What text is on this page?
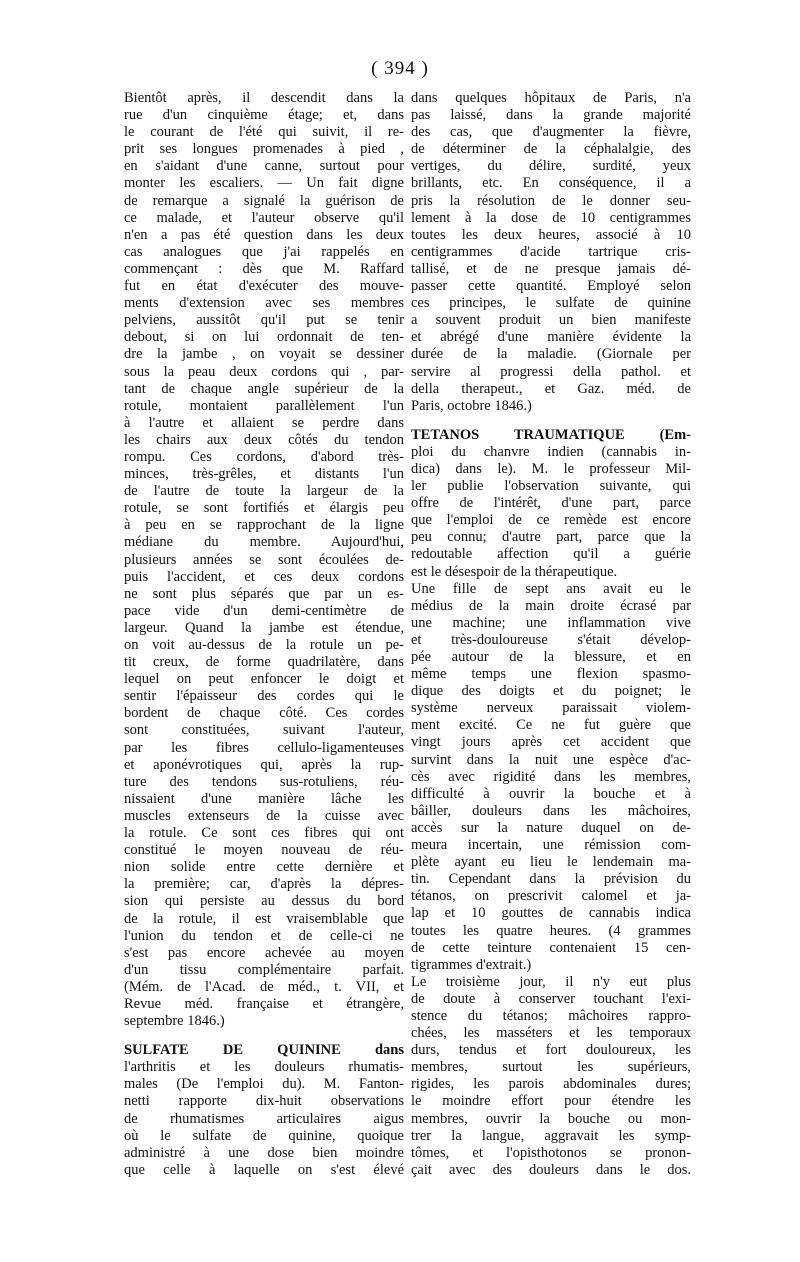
( 394 )
Bientôt après, il descendit dans la
rue d'un cinquième étage; et, dans
le courant de l'été qui suivit, il re-
prit ses longues promenades à pied ,
en s'aidant d'une canne, surtout pour
monter les escaliers. — Un fait digne
de remarque a signalé la guérison de
ce malade, et l'auteur observe qu'il
n'en a pas été question dans les deux
cas analogues que j'ai rappelés en
commençant : dès que M. Raffard
fut en état d'exécuter des mouve-
ments d'extension avec ses membres
pelviens, aussitôt qu'il put se tenir
debout, si on lui ordonnait de ten-
dre la jambe , on voyait se dessiner
sous la peau deux cordons qui , par-
tant de chaque angle supérieur de la
rotule, montaient parallèlement l'un
à l'autre et allaient se perdre dans
les chairs aux deux côtés du tendon
rompu. Ces cordons, d'abord très-
minces, très-grêles, et distants l'un
de l'autre de toute la largeur de la
rotule, se sont fortifiés et élargis peu
à peu en se rapprochant de la ligne
médiane du membre. Aujourd'hui,
plusieurs années se sont écoulées de-
puis l'accident, et ces deux cordons
ne sont plus séparés que par un es-
pace vide d'un demi-centimètre de
largeur. Quand la jambe est étendue,
on voit au-dessus de la rotule un pe-
tit creux, de forme quadrilatère, dans
lequel on peut enfoncer le doigt et
sentir l'épaisseur des cordes qui le
bordent de chaque côté. Ces cordes
sont constituées, suivant l'auteur,
par les fibres cellulo-ligamenteuses
et aponévrotiques qui, après la rup-
ture des tendons sus-rotuliens, réu-
nissaient d'une manière lâche les
muscles extenseurs de la cuisse avec
la rotule. Ce sont ces fibres qui ont
constitué le moyen nouveau de réu-
nion solide entre cette dernière et
la première; car, d'après la dépres-
sion qui persiste au dessus du bord
de la rotule, il est vraisemblable que
l'union du tendon et de celle-ci ne
s'est pas encore achevée au moyen
d'un tissu complémentaire parfait.
(Mém. de l'Acad. de méd., t. VII, et
Revue méd. française et étrangère,
septembre 1846.)
SULFATE DE QUININE dans
l'arthritis et les douleurs rhumatis-
males (De l'emploi du). M. Fanton-
netti rapporte dix-huit observations
de rhumatismes articulaires aigus
où le sulfate de quinine, quoique
administré à une dose bien moindre
que celle à laquelle on s'est élevé
dans quelques hôpitaux de Paris, n'a
pas laissé, dans la grande majorité
des cas, que d'augmenter la fièvre,
de déterminer de la céphalalgie, des
vertiges, du délire, surdité, yeux
brillants, etc. En conséquence, il a
pris la résolution de le donner seu-
lement à la dose de 10 centigrammes
toutes les deux heures, associé à 10
centigrammes d'acide tartrique cris-
tallisé, et de ne presque jamais dé-
passer cette quantité. Employé selon
ces principes, le sulfate de quinine
a souvent produit un bien manifeste
et abrégé d'une manière évidente la
durée de la maladie. (Giornale per
servire al progressi della pathol. et
della therapeut., et Gaz. méd. de
Paris, octobre 1846.)
TETANOS TRAUMATIQUE (Em-
ploi du chanvre indien (cannabis in-
dica) dans le). M. le professeur Mil-
ler publie l'observation suivante, qui
offre de l'intérêt, d'une part, parce
que l'emploi de ce remède est encore
peu connu; d'autre part, parce que la
redoutable affection qu'il a guérie
est le désespoir de la thérapeutique.
Une fille de sept ans avait eu le
médius de la main droite écrasé par
une machine; une inflammation vive
et très-douloureuse s'était dévelop-
pée autour de la blessure, et en
même temps une flexion spasmo-
dique des doigts et du poignet; le
système nerveux paraissait violem-
ment excité. Ce ne fut guère que
vingt jours après cet accident que
survint dans la nuit une espèce d'ac-
cès avec rigidité dans les membres,
difficulté à ouvrir la bouche et à
bâiller, douleurs dans les mâchoires,
accès sur la nature duquel on de-
meura incertain, une rémission com-
plète ayant eu lieu le lendemain ma-
tin. Cependant dans la prévision du
tétanos, on prescrivit calomel et ja-
lap et 10 gouttes de cannabis indica
toutes les quatre heures. (4 grammes
de cette teinture contenaient 15 cen-
tigrammes d'extrait.)
Le troisième jour, il n'y eut plus
de doute à conserver touchant l'exi-
stence du tétanos; mâchoires rappro-
chées, les masséters et les temporaux
durs, tendus et fort douloureux, les
membres, surtout les supérieurs,
rigides, les parois abdominales dures;
le moindre effort pour étendre les
membres, ouvrir la bouche ou mon-
trer la langue, aggravait les symp-
tômes, et l'opisthotonos se pronon-
çait avec des douleurs dans le dos.
